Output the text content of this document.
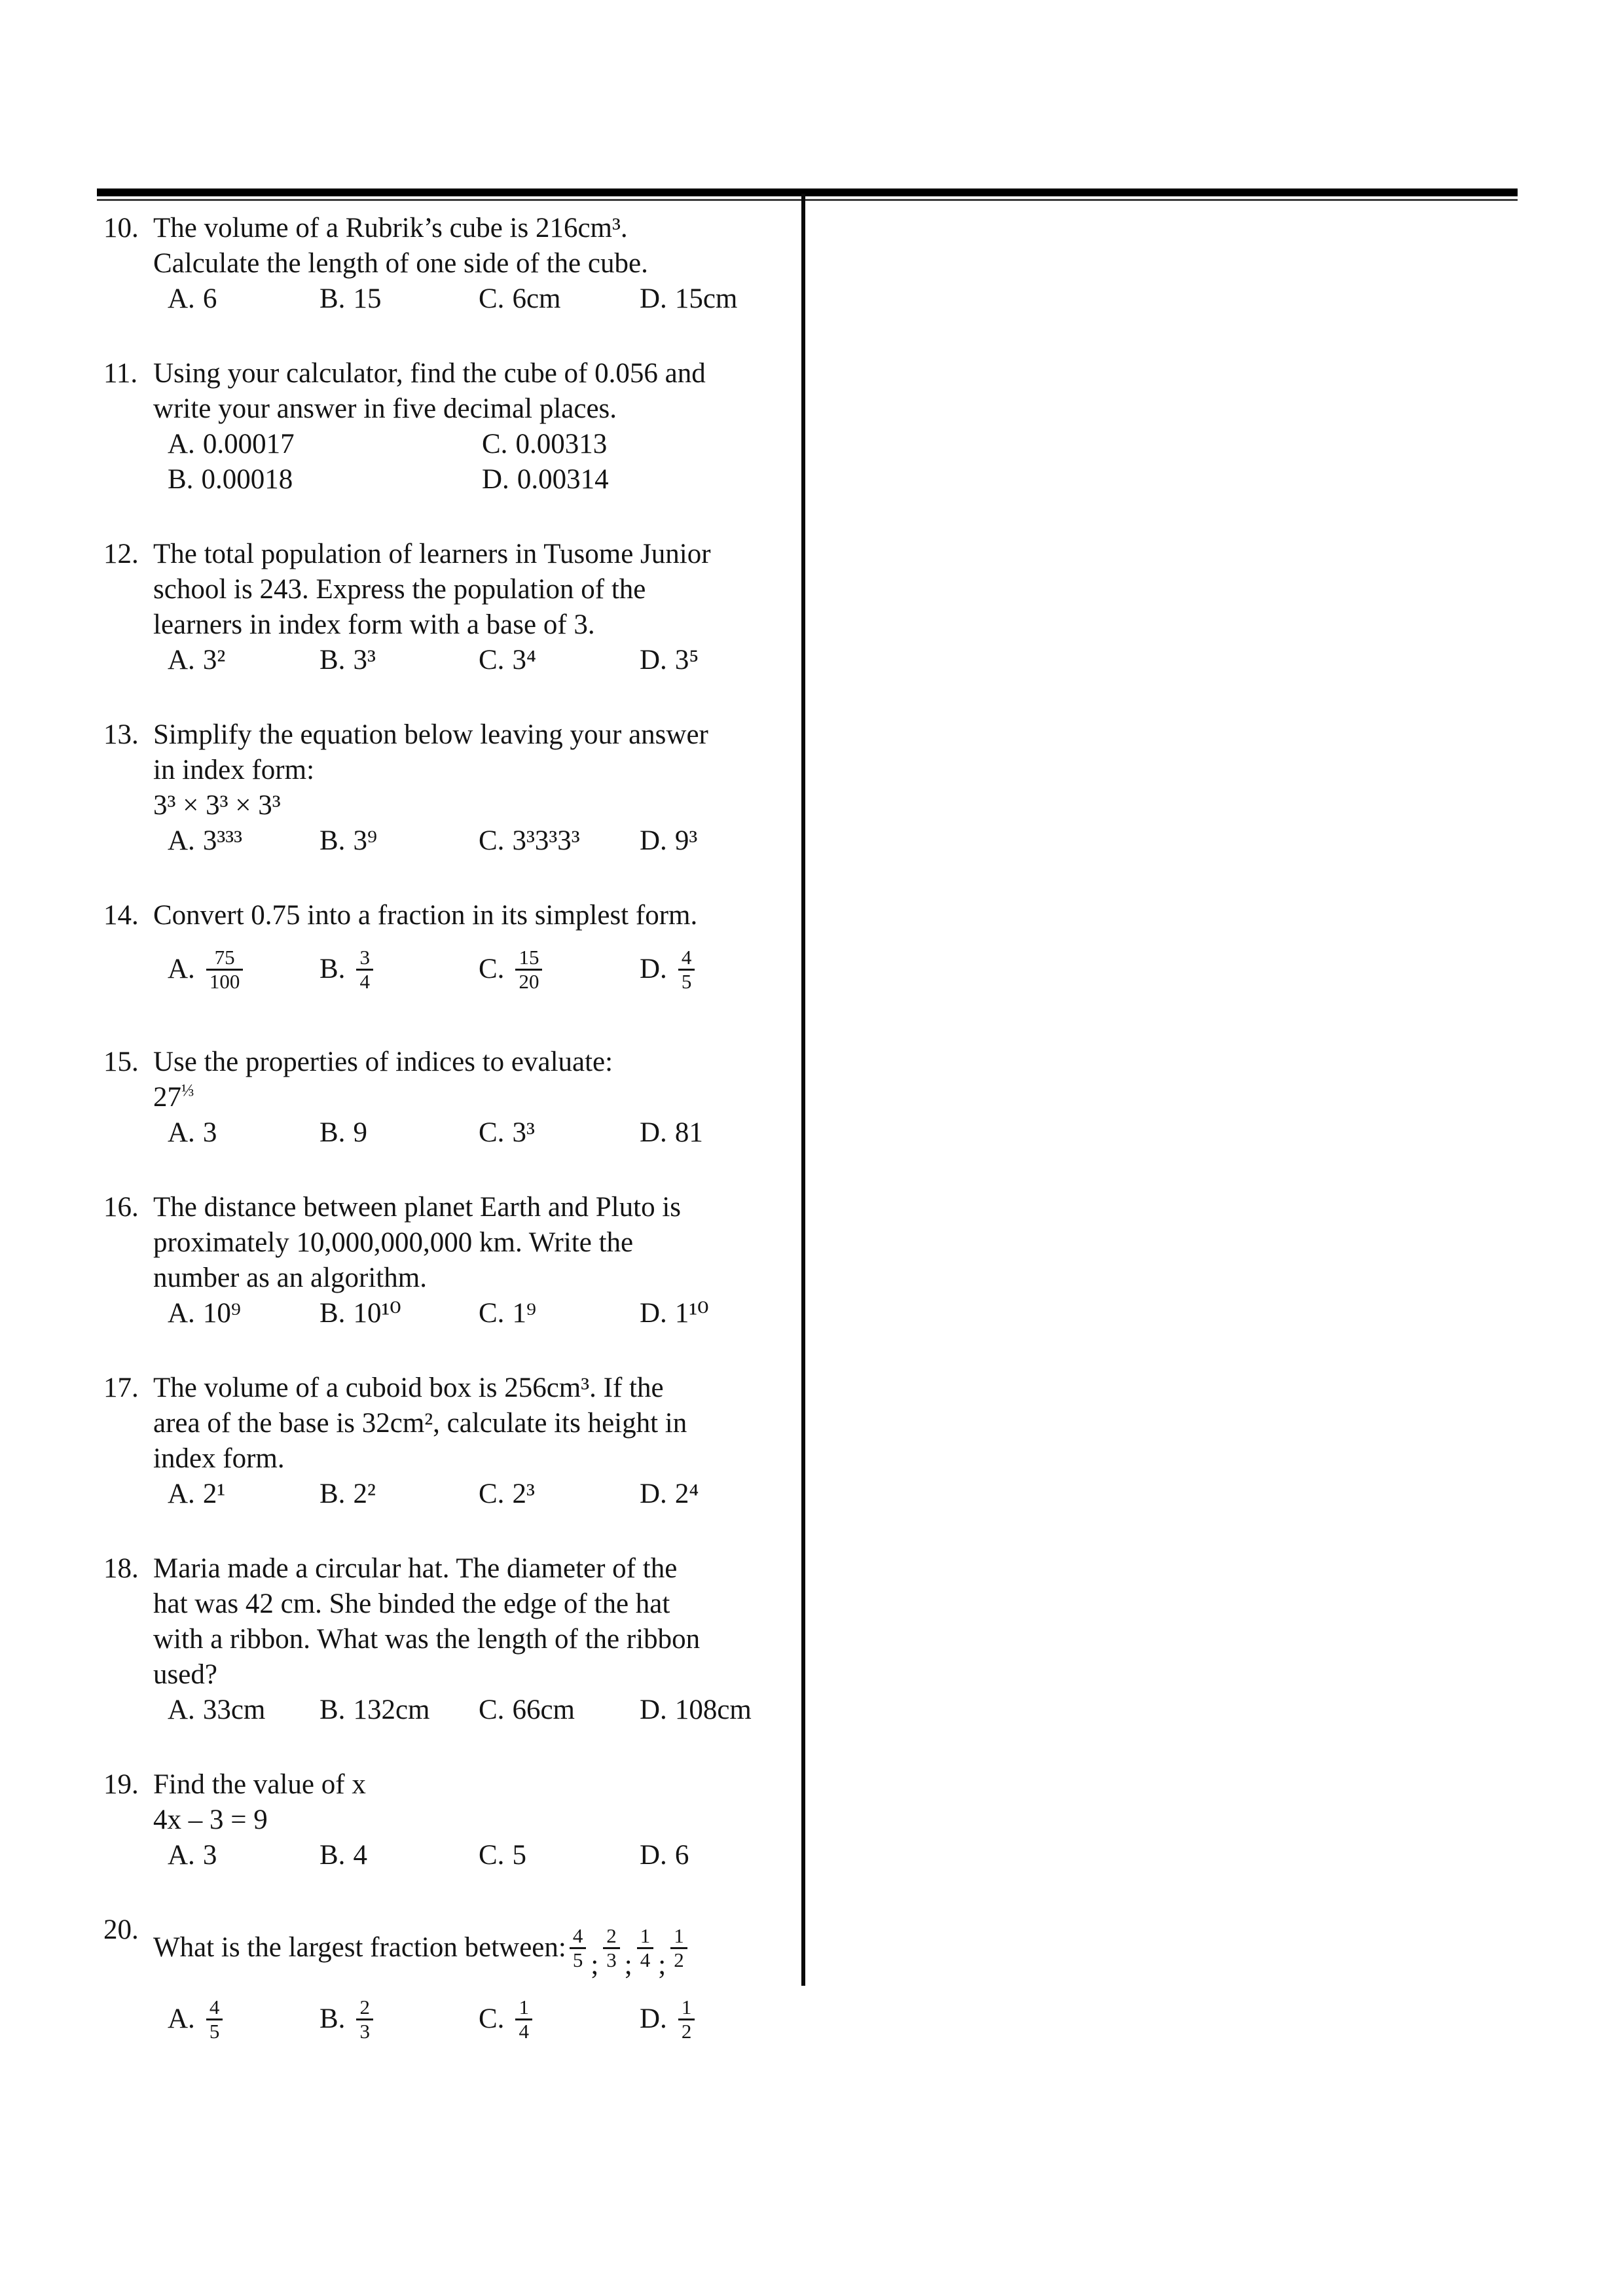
10. The volume of a Rubrik’s cube is 216cm³.
Calculate the length of one side of the cube.
A. 6	B. 15	C. 6cm	D. 15cm
11. Using your calculator, find the cube of 0.056 and
write your answer in five decimal places.
A. 0.00017	C. 0.00313
B. 0.00018	D. 0.00314
12. The total population of learners in Tusome Junior
school is 243. Express the population of the
learners in index form with a base of 3.
A. 3²	B. 3³	C. 3⁴	D. 3⁵
13. Simplify the equation below leaving your answer
in index form:
3³ × 3³ × 3³
A. 3³³³	B. 3⁹	C. 3³3³3³ D. 9³
14. Convert 0.75 into a fraction in its simplest form.
A. $\frac{75}{100}$	B. $\frac{3}{4}$	C. $\frac{15}{20}$	D. $\frac{4}{5}$
15. Use the properties of indices to evaluate:
$27^{\frac{1}{3}}$
A. 3	B. 9	C. 3³	D. 81
16. The distance between planet Earth and Pluto is
proximately 10,000,000,000 km. Write the
number as an algorithm.
A. 10⁹	B. 10¹⁰	C. 1⁹	D. 1¹⁰
17. The volume of a cuboid box is 256cm³. If the
area of the base is 32cm², calculate its height in
index form.
A. 2¹	B. 2²	C. 2³	D. 2⁴
18. Maria made a circular hat. The diameter of the
hat was 42 cm. She binded the edge of the hat
with a ribbon. What was the length of the ribbon
used?
A. 33cm B. 132cm C. 66cm D. 108cm
19. Find the value of x
4x – 3 = 9
A. 3	B. 4	C. 5	D. 6
20.
What is the largest fraction between: $\frac{4}{5}$ ; $\frac{2}{3}$ ; $\frac{1}{4}$ ; $\frac{1}{2}$
A. $\frac{4}{5}$	B. $\frac{2}{3}$	C. $\frac{1}{4}$	D. $\frac{1}{2}$
